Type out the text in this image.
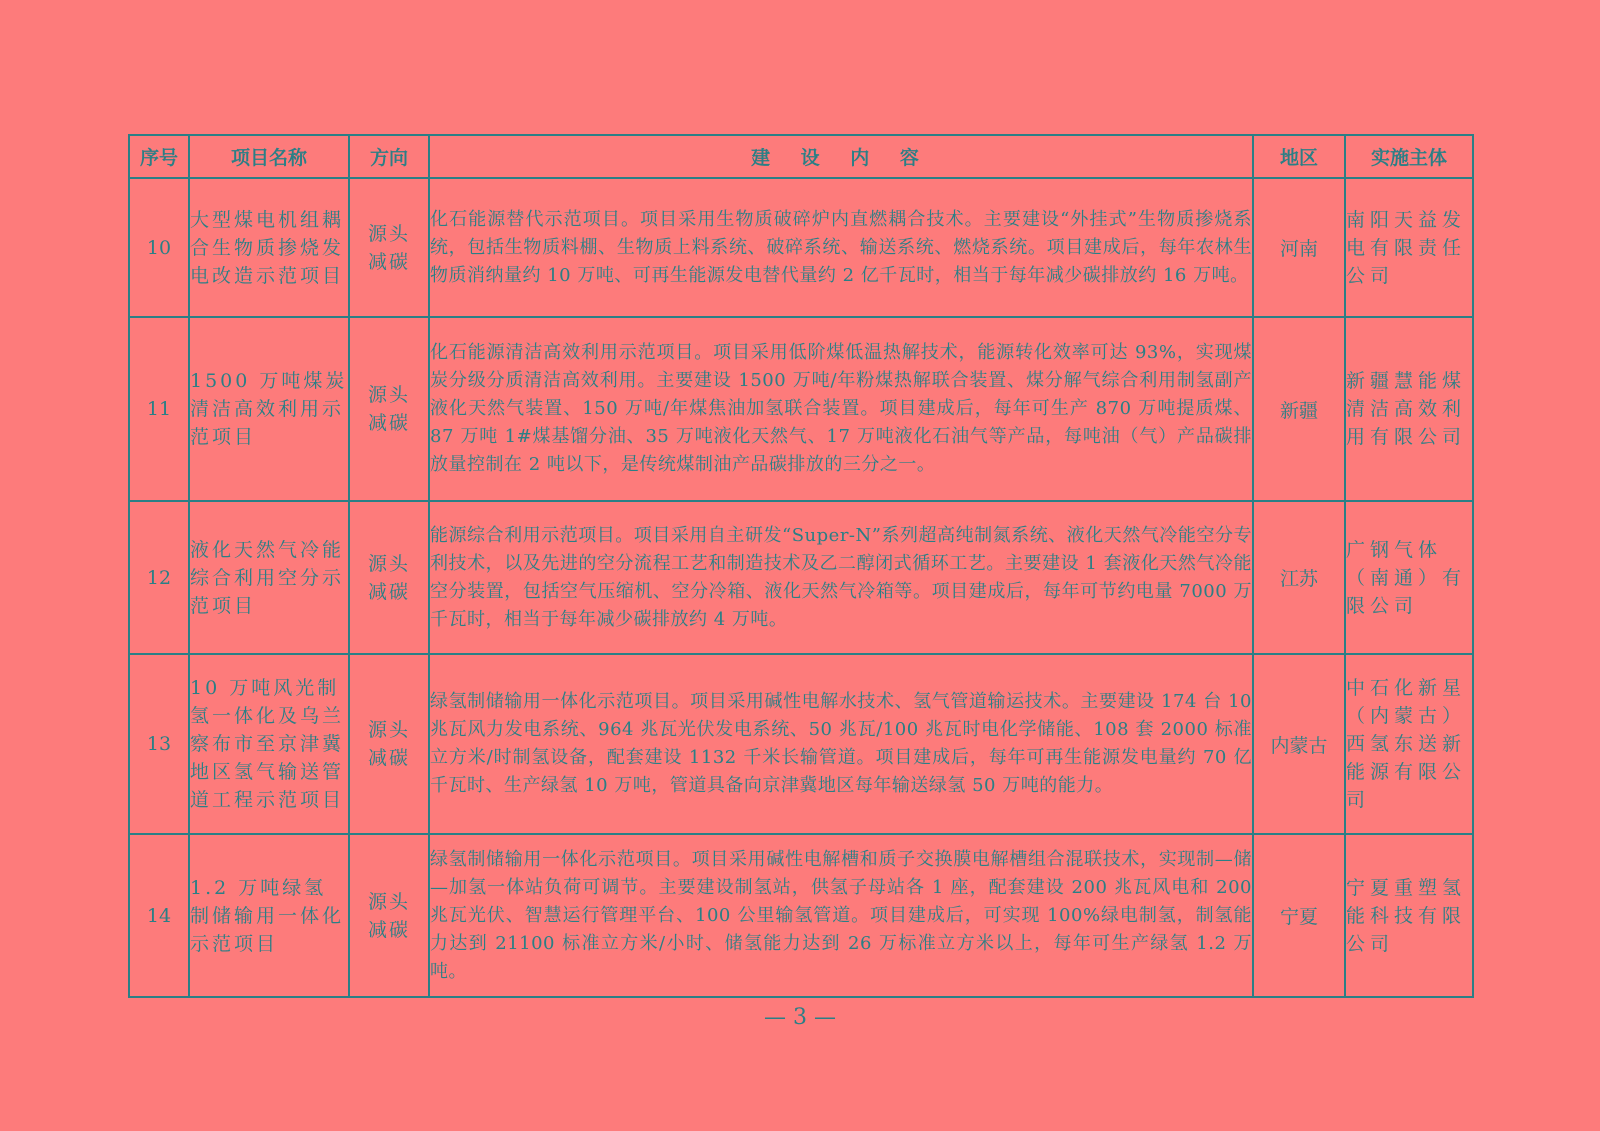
序号	项目名称	方向	建 设 内 容	地区	实施主体
10	大型煤电机组耦合生物质掺烧发电改造示范项目	源头减碳	化石能源替代示范项目。项目采用生物质破碎炉内直燃耦合技术。主要建设“外挂式”生物质掺烧系统，包括生物质料棚、生物质上料系统、破碎系统、输送系统、燃烧系统。项目建成后，每年农林生物质消纳量约 10 万吨、可再生能源发电替代量约 2 亿千瓦时，相当于每年减少碳排放约 16 万吨。	河南	南阳天益发电有限责任公司
11	1500 万吨煤炭清洁高效利用示范项目	源头减碳	化石能源清洁高效利用示范项目。项目采用低阶煤低温热解技术，能源转化效率可达 93%，实现煤炭分级分质清洁高效利用。主要建设 1500 万吨/年粉煤热解联合装置、煤分解气综合利用制氢副产液化天然气装置、150 万吨/年煤焦油加氢联合装置。项目建成后，每年可生产 870 万吨提质煤、87 万吨 1#煤基馏分油、35 万吨液化天然气、17 万吨液化石油气等产品，每吨油（气）产品碳排放量控制在 2 吨以下，是传统煤制油产品碳排放的三分之一。	新疆	新疆慧能煤清洁高效利用有限公司
12	液化天然气冷能综合利用空分示范项目	源头减碳	能源综合利用示范项目。项目采用自主研发“Super-N”系列超高纯制氮系统、液化天然气冷能空分专利技术，以及先进的空分流程工艺和制造技术及乙二醇闭式循环工艺。主要建设 1 套液化天然气冷能空分装置，包括空气压缩机、空分冷箱、液化天然气冷箱等。项目建成后，每年可节约电量 7000 万千瓦时，相当于每年减少碳排放约 4 万吨。	江苏	广钢气体（南通）有限公司
13	10 万吨风光制氢一体化及乌兰察布市至京津冀地区氢气输送管道工程示范项目	源头减碳	绿氢制储输用一体化示范项目。项目采用碱性电解水技术、氢气管道输运技术。主要建设 174 台 10 兆瓦风力发电系统、964 兆瓦光伏发电系统、50 兆瓦/100 兆瓦时电化学储能、108 套 2000 标准立方米/时制氢设备，配套建设 1132 千米长输管道。项目建成后，每年可再生能源发电量约 70 亿千瓦时、生产绿氢 10 万吨，管道具备向京津冀地区每年输送绿氢 50 万吨的能力。	内蒙古	中石化新星（内蒙古）西氢东送新能源有限公司
14	1.2 万吨绿氢制储输用一体化示范项目	源头减碳	绿氢制储输用一体化示范项目。项目采用碱性电解槽和质子交换膜电解槽组合混联技术，实现制—储—加氢一体站负荷可调节。主要建设制氢站，供氢子母站各 1 座，配套建设 200 兆瓦风电和 200 兆瓦光伏、智慧运行管理平台、100 公里输氢管道。项目建成后，可实现 100%绿电制氢，制氢能力达到 21100 标准立方米/小时、储氢能力达到 26 万标准立方米以上，每年可生产绿氢 1.2 万吨。	宁夏	宁夏重塑氢能科技有限公司
— 3 —
